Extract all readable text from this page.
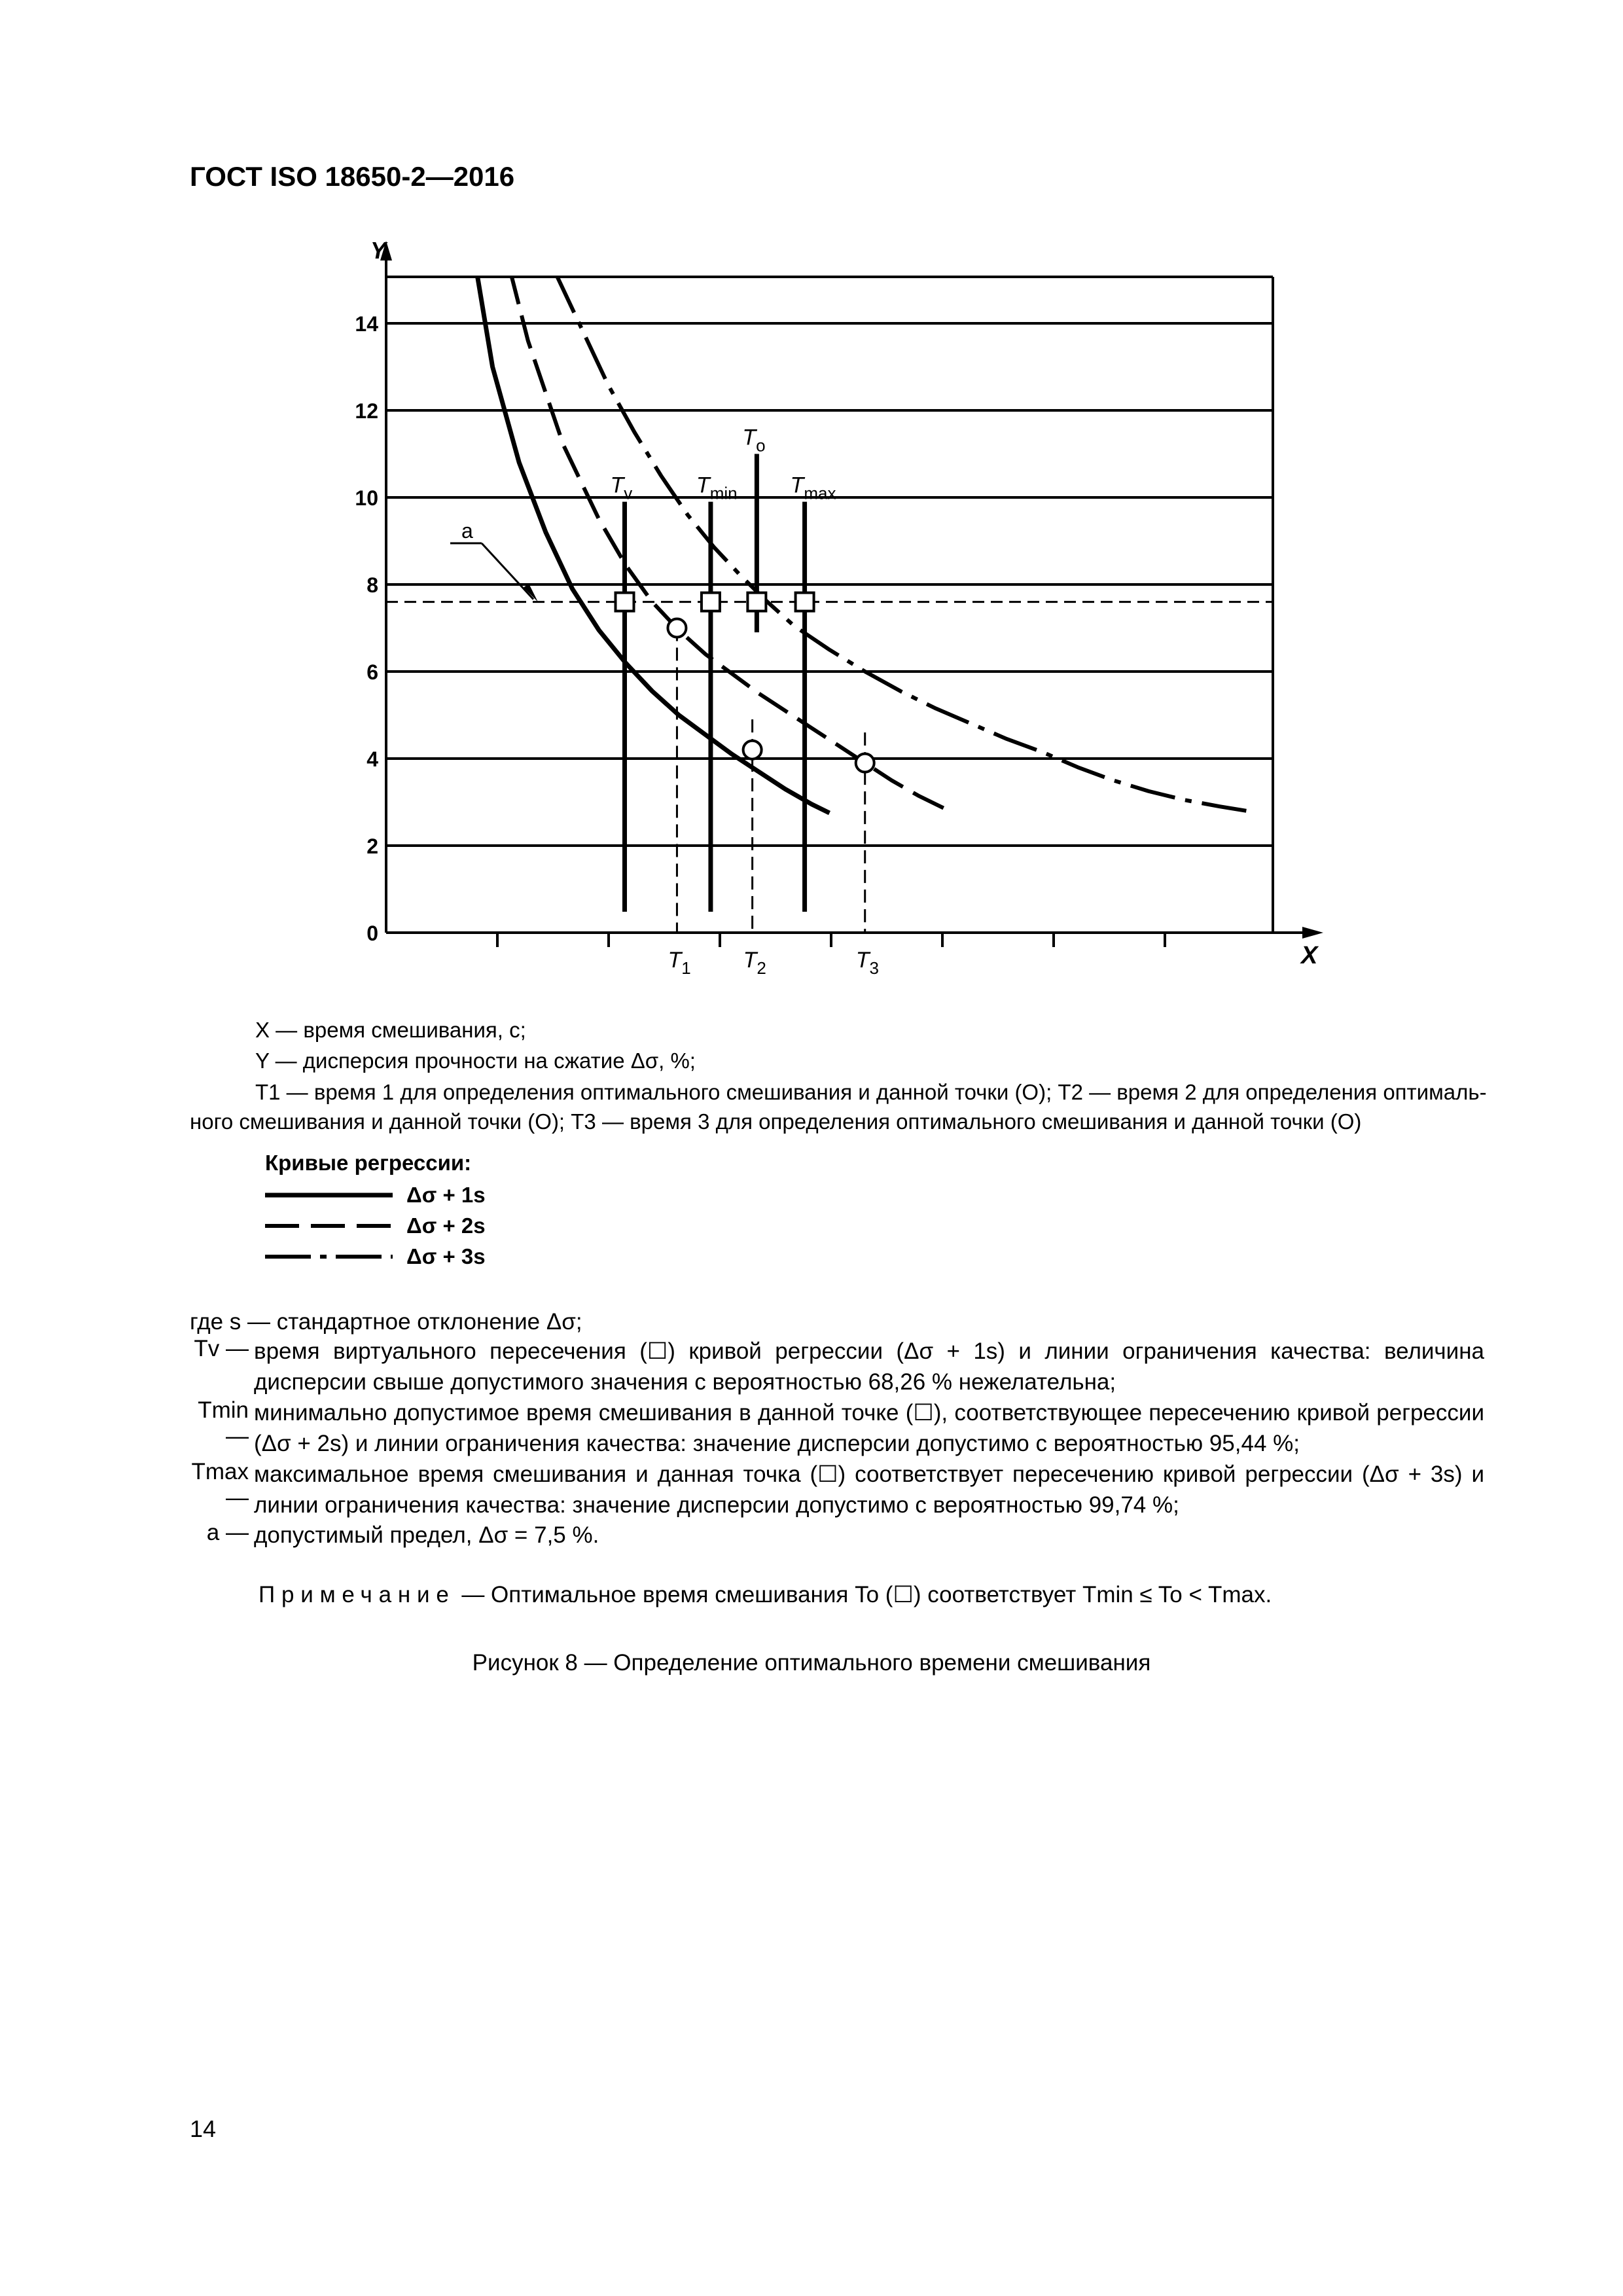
ГОСТ ISO 18650-2—2016
0
2
4
6
8
10
12
14
Y
X
a
$T_v$	$T_{min}$
$T_o$
$T_{max}$
$T_1$ $T_2$	$T_3$
X — время смешивания, с;
Y — дисперсия прочности на сжатие Δσ, %;
T1 — время 1 для определения оптимального смешивания и данной точки (O); T2 — время 2 для определения оптималь-
ного смешивания и данной точки (O); T3 — время 3 для определения оптимального смешивания и данной точки (O)
Кривые регрессии:
Δσ + 1s
Δσ + 2s
Δσ + 3s
где s — стандартное отклонение Δσ;
Tv — время виртуального пересечения (☐) кривой регрессии (Δσ + 1s) и линии ограничения качества: величина дисперсии свыше допустимого значения с вероятностью 68,26 % нежелательна;
Tmin —
минимально допустимое время смешивания в данной точке (☐), соответствующее пересечению кривой регрессии (Δσ + 2s) и линии ограничения качества: значение дисперсии допустимо с вероятностью 95,44 %;
Tmax —
максимальное время смешивания и данная точка (☐) соответствует пересечению кривой регрессии (Δσ + 3s) и линии ограничения качества: значение дисперсии допустимо с вероятностью 99,74 %;
a — допустимый предел, Δσ = 7,5 %.
Примечание — Оптимальное время смешивания To (☐) соответствует Tmin ≤ To < Tmax.
Рисунок 8 — Определение оптимального времени смешивания
14
